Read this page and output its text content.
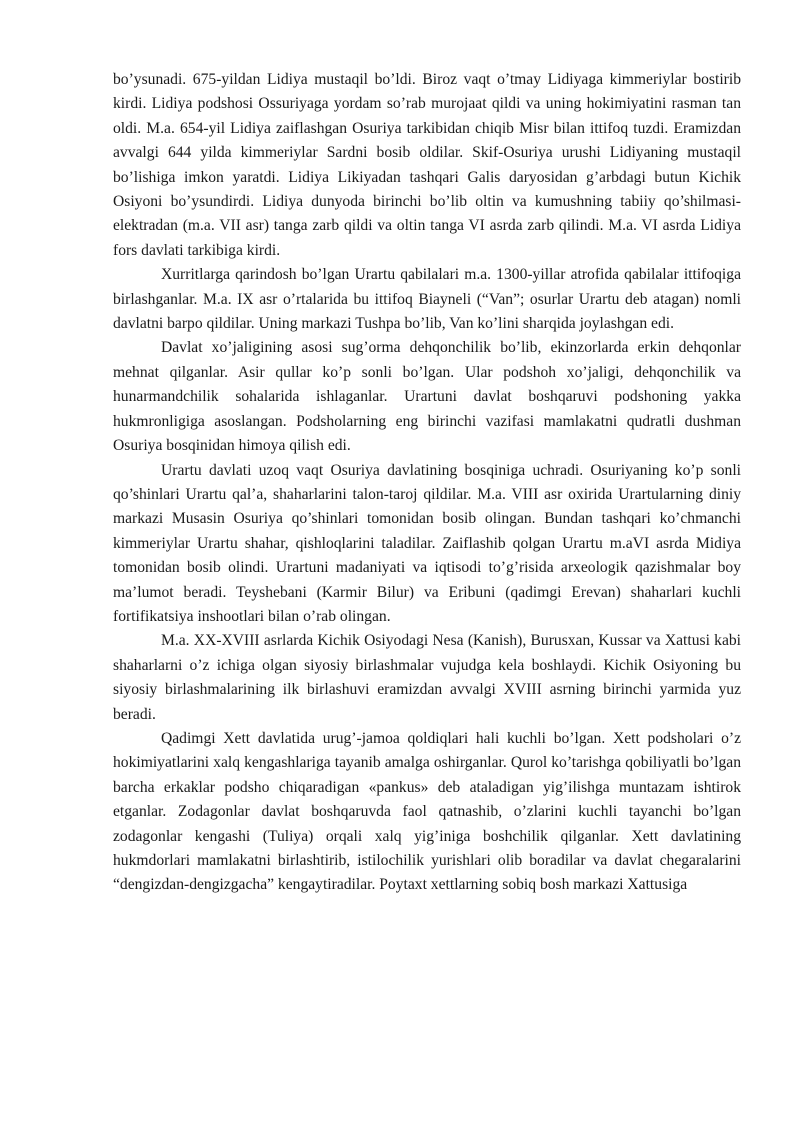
bo’ysunadi. 675-yildan Lidiya mustaqil bo’ldi. Biroz vaqt o’tmay Lidiyaga kimmeriylar bostirib kirdi. Lidiya podshosi Ossuriyaga yordam so’rab murojaat qildi va uning hokimiyatini rasman tan oldi. M.a. 654-yil Lidiya zaiflashgan Osuriya tarkibidan chiqib Misr bilan ittifoq tuzdi. Eramizdan avvalgi 644 yilda kimmeriylar Sardni bosib oldilar. Skif-Osuriya urushi Lidiyaning mustaqil bo’lishiga imkon yaratdi. Lidiya Likiyadan tashqari Galis daryosidan g’arbdagi butun Kichik Osiyoni bo’ysundirdi. Lidiya dunyoda birinchi bo’lib oltin va kumushning tabiiy qo’shilmasi-elektradan (m.a. VII asr) tanga zarb qildi va oltin tanga VI asrda zarb qilindi. M.a. VI asrda Lidiya fors davlati tarkibiga kirdi.

Xurritlarga qarindosh bo’lgan Urartu qabilalari m.a. 1300-yillar atrofida qabilalar ittifoqiga birlashganlar. M.a. IX asr o’rtalarida bu ittifoq Biayneli (“Van”; osurlar Urartu deb atagan) nomli davlatni barpo qildilar. Uning markazi Tushpa bo’lib, Van ko’lini sharqida joylashgan edi.

Davlat xo’jaligining asosi sug’orma dehqonchilik bo’lib, ekinzorlarda erkin dehqonlar mehnat qilganlar. Asir qullar ko’p sonli bo’lgan. Ular podshoh xo’jaligi, dehqonchilik va hunarmandchilik sohalarida ishlaganlar. Urartuni davlat boshqaruvi podshoning yakka hukmronligiga asoslangan. Podsholarning eng birinchi vazifasi mamlakatni qudratli dushman Osuriya bosqinidan himoya qilish edi.

Urartu davlati uzoq vaqt Osuriya davlatining bosqiniga uchradi. Osuriyaning ko’p sonli qo’shinlari Urartu qal’a, shaharlarini talon-taroj qildilar. M.a. VIII asr oxirida Urartularning diniy markazi Musasin Osuriya qo’shinlari tomonidan bosib olingan. Bundan tashqari ko’chmanchi kimmeriylar Urartu shahar, qishloqlarini taladilar. Zaiflashib qolgan Urartu m.aVI asrda Midiya tomonidan bosib olindi. Urartuni madaniyati va iqtisodi to’g’risida arxeologik qazishmalar boy ma’lumot beradi. Teyshebani (Karmir Bilur) va Eribuni (qadimgi Erevan) shaharlari kuchli fortifikatsiya inshootlari bilan o’rab olingan.

M.a. XX-XVIII asrlarda Kichik Osiyodagi Nesa (Kanish), Burusxan, Kussar va Xattusi kabi shaharlarni o’z ichiga olgan siyosiy birlashmalar vujudga kela boshlaydi. Kichik Osiyoning bu siyosiy birlashmalarining ilk birlashuvi eramizdan avvalgi XVIII asrning birinchi yarmida yuz beradi.

Qadimgi Xett davlatida urug’-jamoa qoldiqlari hali kuchli bo’lgan. Xett podsholari o’z hokimiyatlarini xalq kengashlariga tayanib amalga oshirganlar. Qurol ko’tarishga qobiliyatli bo’lgan barcha erkaklar podsho chiqaradigan «pankus» deb ataladigan yig’ilishga muntazam ishtirok etganlar. Zodagonlar davlat boshqaruvda faol qatnashib, o’zlarini kuchli tayanchi bo’lgan zodagonlar kengashi (Tuliya) orqali xalq yig’iniga boshchilik qilganlar. Xett davlatining hukmdorlari mamlakatni birlashtirib, istilochilik yurishlari olib boradilar va davlat chegaralarini “dengizdan-dengizgacha” kengaytiradilar. Poytaxt xettlarning sobiq bosh markazi Xattusiga
